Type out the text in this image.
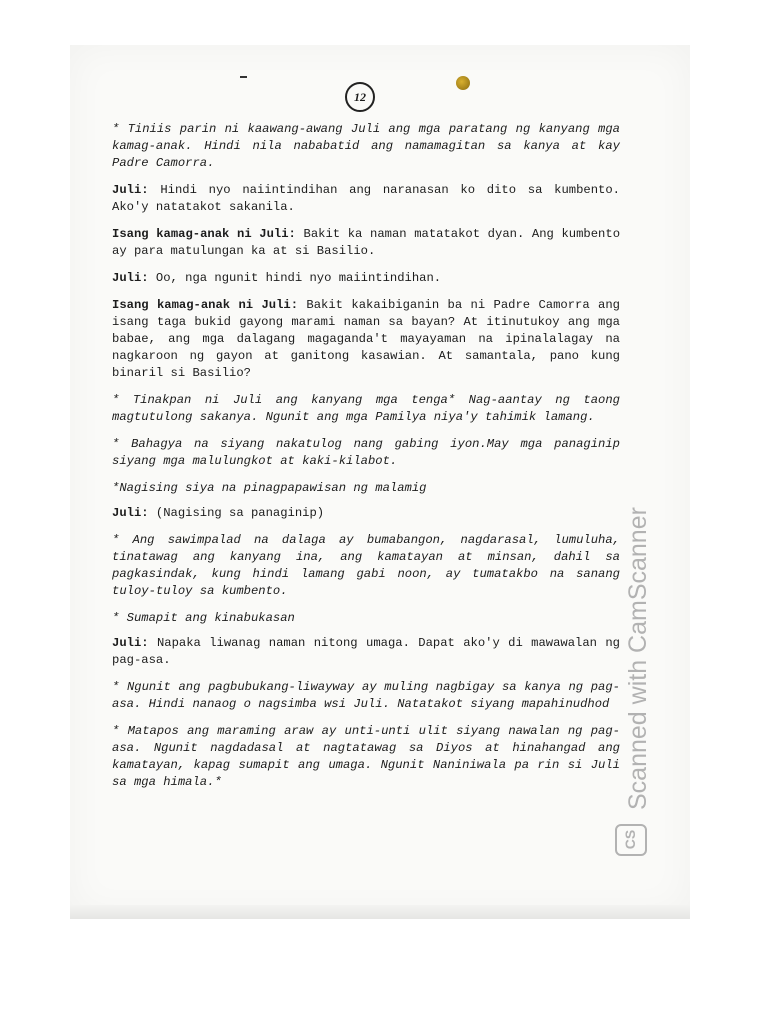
12

* Tiniis parin ni kaawang-awang Juli ang mga paratang ng kanyang mga kamag-anak. Hindi nila nababatid ang namamagitan sa kanya at kay Padre Camorra.

Juli: Hindi nyo naiintindihan ang naranasan ko dito sa kumbento. Ako'y natatakot sakanila.

Isang kamag-anak ni Juli: Bakit ka naman matatakot dyan. Ang kumbento ay para matulungan ka at si Basilio.

Juli: Oo, nga ngunit hindi nyo maiintindihan.

Isang kamag-anak ni Juli: Bakit kakaibiganin ba ni Padre Camorra ang isang taga bukid gayong marami naman sa bayan? At itinutukoy ang mga babae, ang mga dalagang magaganda't mayayaman na ipinalalagay na nagkaroon ng gayon at ganitong kasawian. At samantala, pano kung binaril si Basilio?

* Tinakpan ni Juli ang kanyang mga tenga* Nag-aantay ng taong magtutulong sakanya. Ngunit ang mga Pamilya niya'y tahimik lamang.

* Bahagya na siyang nakatulog nang gabing iyon.May mga panaginip siyang mga malulungkot at kaki-kilabot.

*Nagising siya na pinagpapawisan ng malamig

Juli: (Nagising sa panaginip)

* Ang sawimpalad na dalaga ay bumabangon, nagdarasal, lumuluha, tinatawag ang kanyang ina, ang kamatayan at minsan, dahil sa pagkasindak, kung hindi lamang gabi noon, ay tumatakbo na sanang tuloy-tuloy sa kumbento.

* Sumapit ang kinabukasan

Juli: Napaka liwanag naman nitong umaga. Dapat ako'y di mawawalan ng pag-asa.

* Ngunit ang pagbubukang-liwayway ay muling nagbigay sa kanya ng pag-asa. Hindi nanaog o nagsimba wsi Juli. Natatakot siyang mapahinudhod

* Matapos ang maraming araw ay unti-unti ulit siyang nawalan ng pag-asa. Ngunit nagdadasal at nagtatawag sa Diyos at hinahangad ang kamatayan, kapag sumapit ang umaga. Ngunit Naniniwala pa rin si Juli sa mga himala.*	Scanned with CamScanner
CS
